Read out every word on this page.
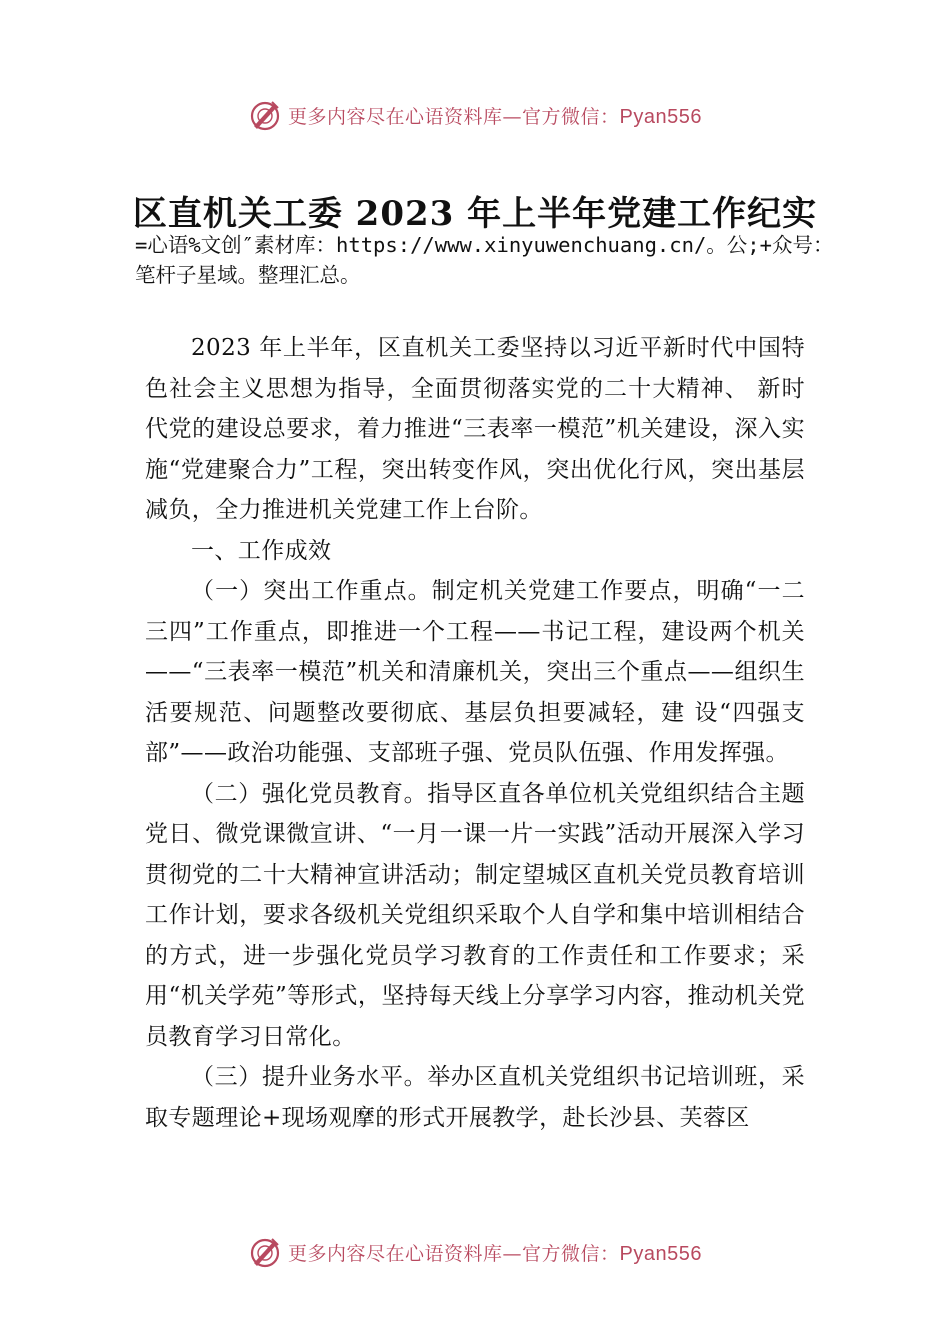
更多内容尽在心语资料库—官方微信：Pyan556
区直机关工委 2023 年上半年党建工作纪实
=心语%文创″素材库：https://www.xinyuwenchuang.cn/。公;+众号：笔杆子星域。整理汇总。

2023 年上半年，区直机关工委坚持以习近平新时代中国特色社会主义思想为指导，全面贯彻落实党的二十大精神、 新时代党的建设总要求，着力推进“三表率一模范”机关建设，深入实施“党建聚合力”工程，突出转变作风，突出优化行风，突出基层减负，全力推进机关党建工作上台阶。

一、工作成效

（一）突出工作重点。制定机关党建工作要点，明确“一二三四”工作重点，即推进一个工程——书记工程，建设两个机关——“三表率一模范”机关和清廉机关，突出三个重点——组织生活要规范、问题整改要彻底、基层负担要减轻，建 设“四强支部”——政治功能强、支部班子强、党员队伍强、作用发挥强。

（二）强化党员教育。指导区直各单位机关党组织结合主题党日、微党课微宣讲、“一月一课一片一实践”活动开展深入学习贯彻党的二十大精神宣讲活动；制定望城区直机关党员教育培训工作计划，要求各级机关党组织采取个人自学和集中培训相结合的方式，进一步强化党员学习教育的工作责任和工作要求；采用“机关学苑”等形式，坚持每天线上分享学习内容，推动机关党员教育学习日常化。

（三）提升业务水平。举办区直机关党组织书记培训班，采取专题理论+现场观摩的形式开展教学，赴长沙县、芙蓉区

更多内容尽在心语资料库—官方微信：Pyan556
